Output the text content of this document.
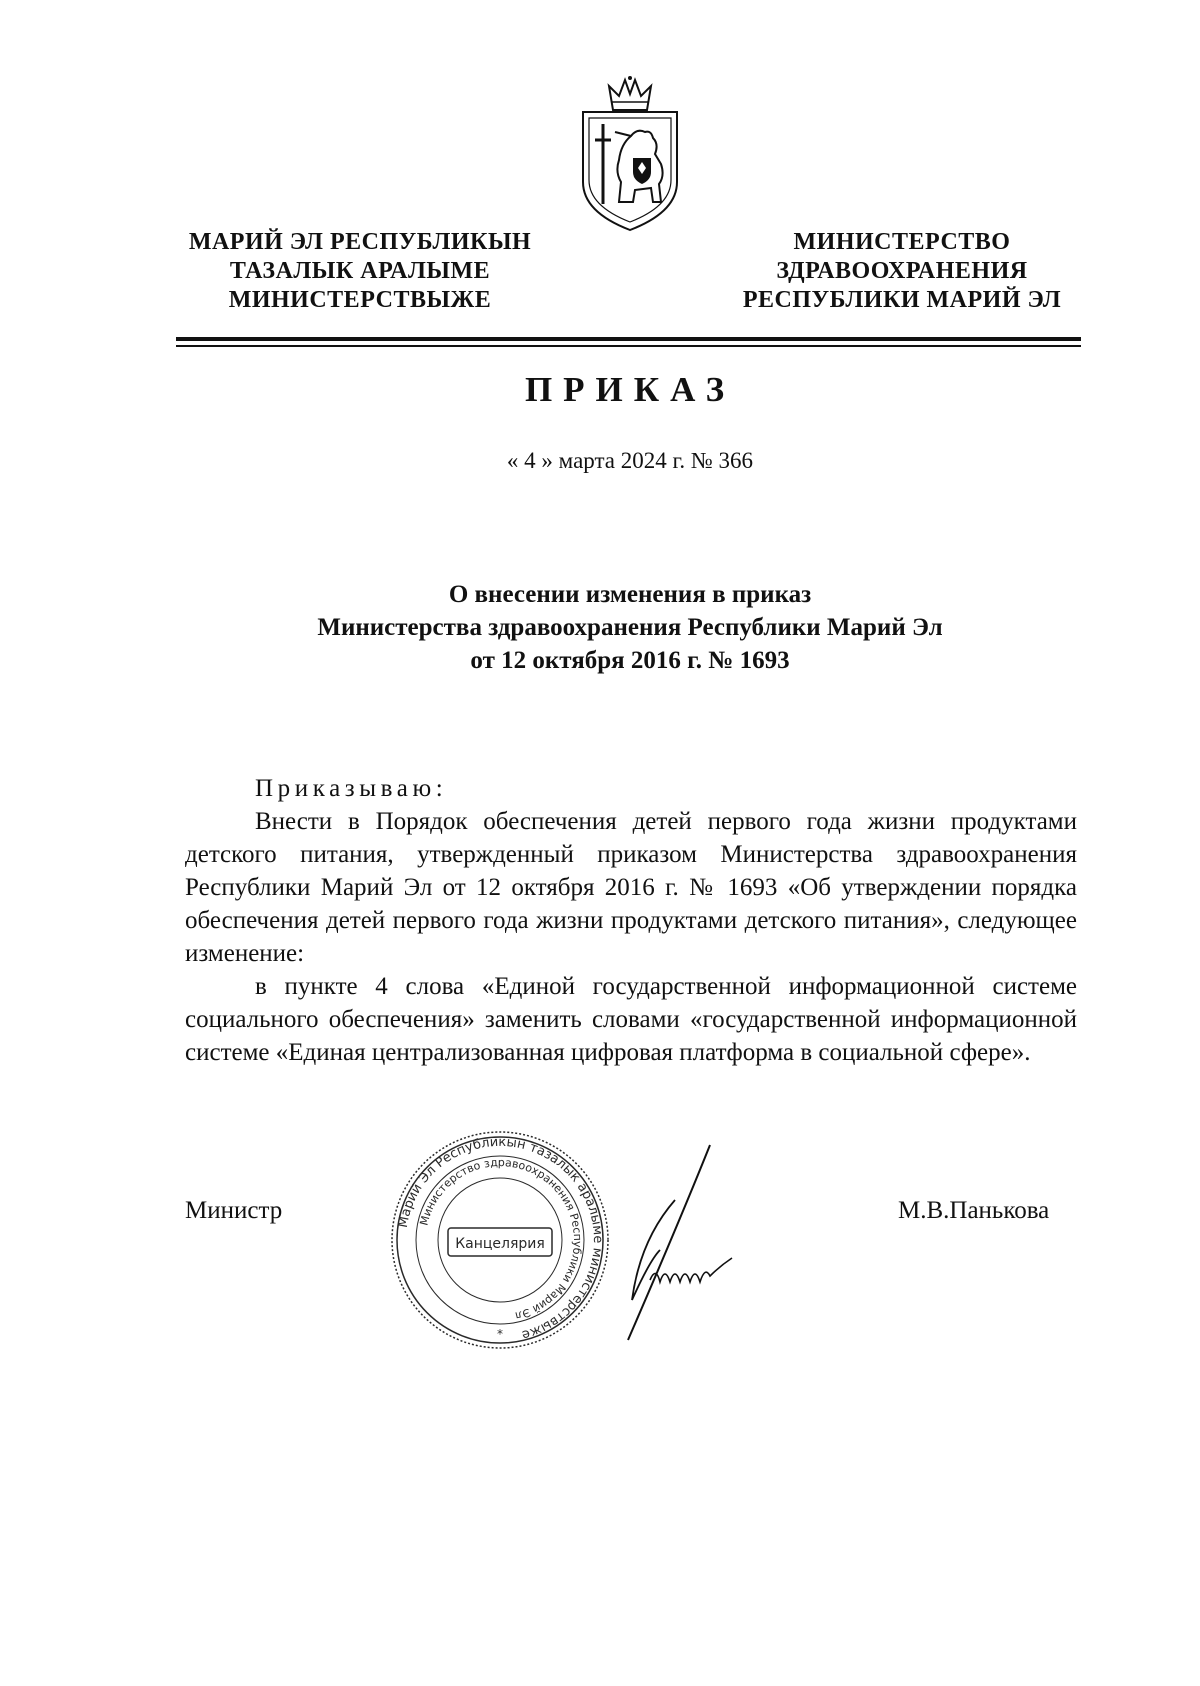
МАРИЙ ЭЛ РЕСПУБЛИКЫН
ТАЗАЛЫК АРАЛЫМЕ
МИНИСТЕРСТВЫЖЕ
МИНИСТЕРСТВО
ЗДРАВООХРАНЕНИЯ
РЕСПУБЛИКИ МАРИЙ ЭЛ
ПРИКАЗ
« 4 » марта 2024 г. № 366
О внесении изменения в приказ
Министерства здравоохранения Республики Марий Эл
от 12 октября 2016 г. № 1693
Приказываю:

Внести в Порядок обеспечения детей первого года жизни продуктами детского питания, утвержденный приказом Министерства здравоохранения Республики Марий Эл от 12 октября 2016 г. № 1693 «Об утверждении порядка обеспечения детей первого года жизни продуктами детского питания», следующее изменение:

в пункте 4 слова «Единой государственной информационной системе социального обеспечения» заменить словами «государственной информационной системе «Единая централизованная цифровая платформа в социальной сфере».

Министр	М.В.Панькова
Марий Эл Республикын тазалык аралыме министерствыже
Министерство здравоохранения Республики Марий Эл
Канцелярия
*
